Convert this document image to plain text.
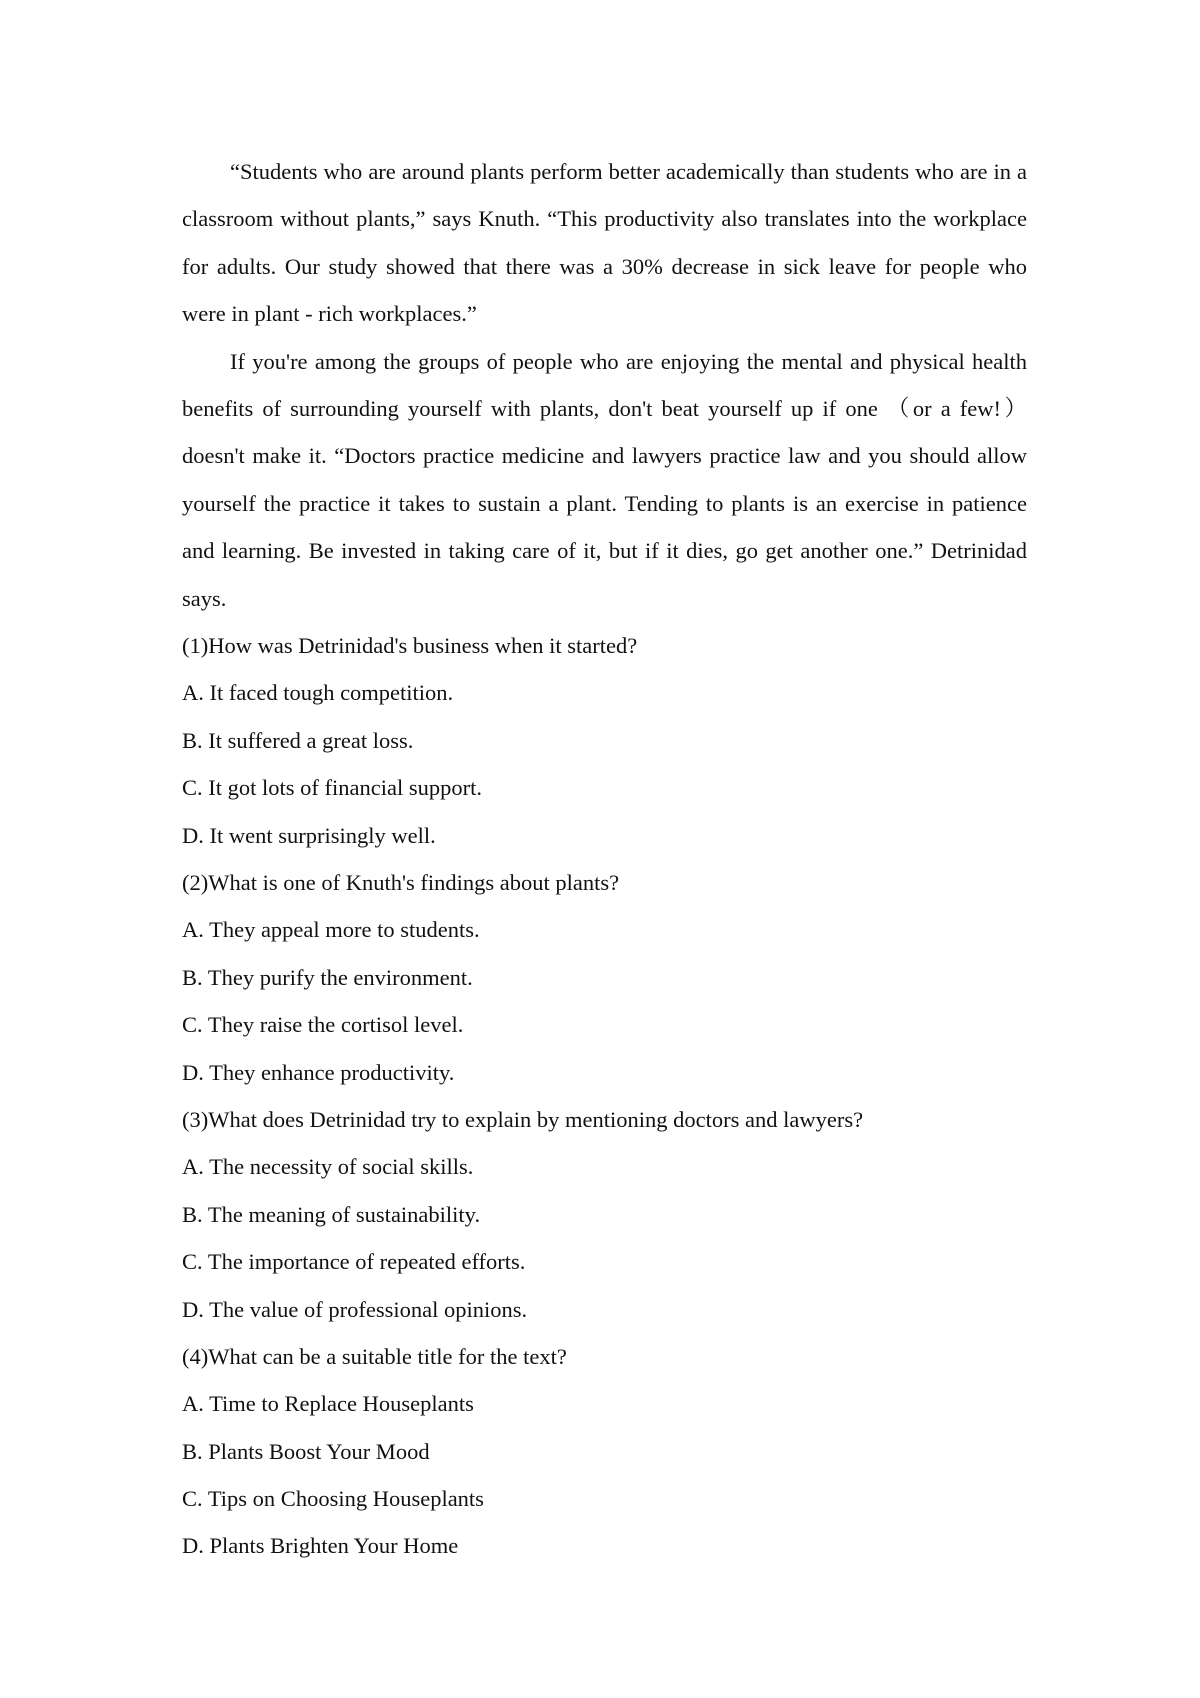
“Students who are around plants perform better academically than students who are in a classroom without plants,” says Knuth. “This productivity also translates into the workplace for adults. Our study showed that there was a 30% decrease in sick leave for people who were in plant - rich workplaces.”

If you're among the groups of people who are enjoying the mental and physical health benefits of surrounding yourself with plants, don't beat yourself up if one （or a few!） doesn't make it. “Doctors practice medicine and lawyers practice law and you should allow yourself the practice it takes to sustain a plant. Tending to plants is an exercise in patience and learning. Be invested in taking care of it, but if it dies, go get another one.” Detrinidad says.

(1)How was Detrinidad's business when it started?

A. It faced tough competition.

B. It suffered a great loss.

C. It got lots of financial support.

D. It went surprisingly well.

(2)What is one of Knuth's findings about plants?

A. They appeal more to students.

B. They purify the environment.

C. They raise the cortisol level.

D. They enhance productivity.

(3)What does Detrinidad try to explain by mentioning doctors and lawyers?

A. The necessity of social skills.

B. The meaning of sustainability.

C. The importance of repeated efforts.

D. The value of professional opinions.

(4)What can be a suitable title for the text?

A. Time to Replace Houseplants

B. Plants Boost Your Mood

C. Tips on Choosing Houseplants

D. Plants Brighten Your Home
